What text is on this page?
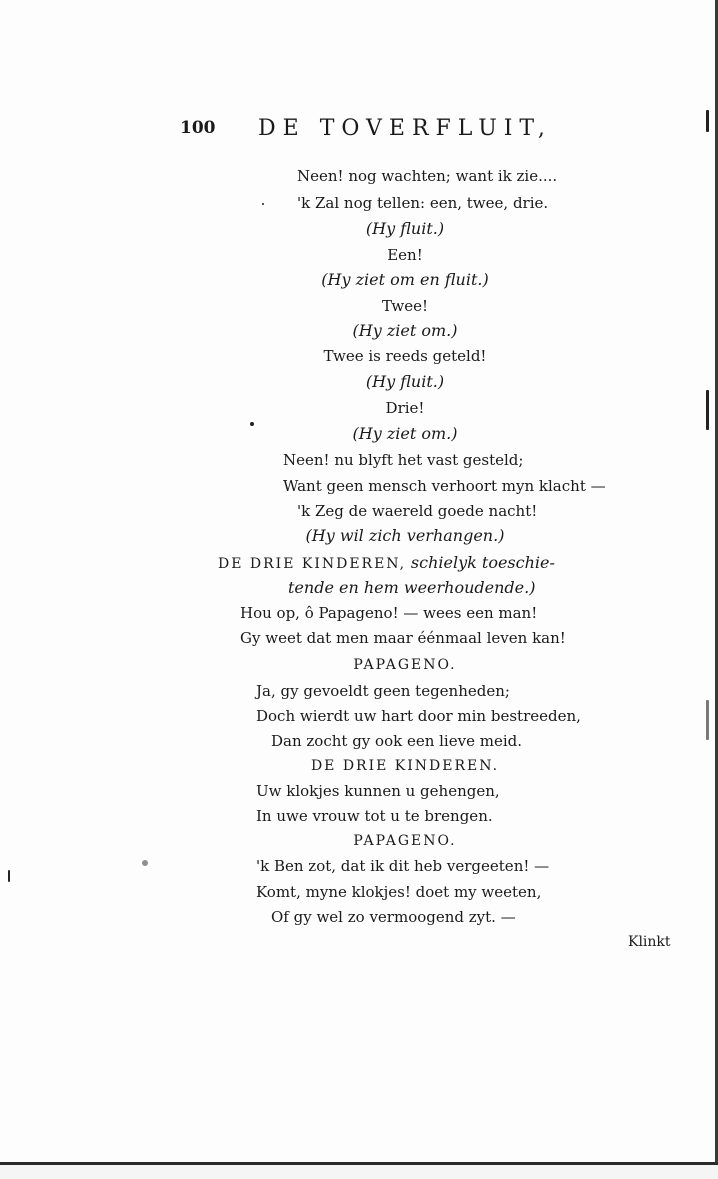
100 DE TOVERFLUIT,
Neen! nog wachten; want ik zie....
'k Zal nog tellen: een, twee, drie.
(Hy fluit.)
Een!
(Hy ziet om en fluit.)
Twee!
(Hy ziet om.)
Twee is reeds geteld!
(Hy fluit.)
Drie!
(Hy ziet om.)
Neen! nu blyft het vast gesteld;
Want geen mensch verhoort myn klacht —
'k Zeg de waereld goede nacht!
(Hy wil zich verhangen.)
DE DRIE KINDEREN, schielyk toeschie-
tende en hem weerhoudende.)
Hou op, ô Papageno! — wees een man!
Gy weet dat men maar éénmaal leven kan!
PAPAGENO.
Ja, gy gevoeldt geen tegenheden;
Doch wierdt uw hart door min bestreeden,
Dan zocht gy ook een lieve meid.
DE DRIE KINDEREN.
Uw klokjes kunnen u gehengen,
In uwe vrouw tot u te brengen.
PAPAGENO.
'k Ben zot, dat ik dit heb vergeeten! —
Komt, myne klokjes! doet my weeten,
Of gy wel zo vermoogend zyt. —
Klinkt
